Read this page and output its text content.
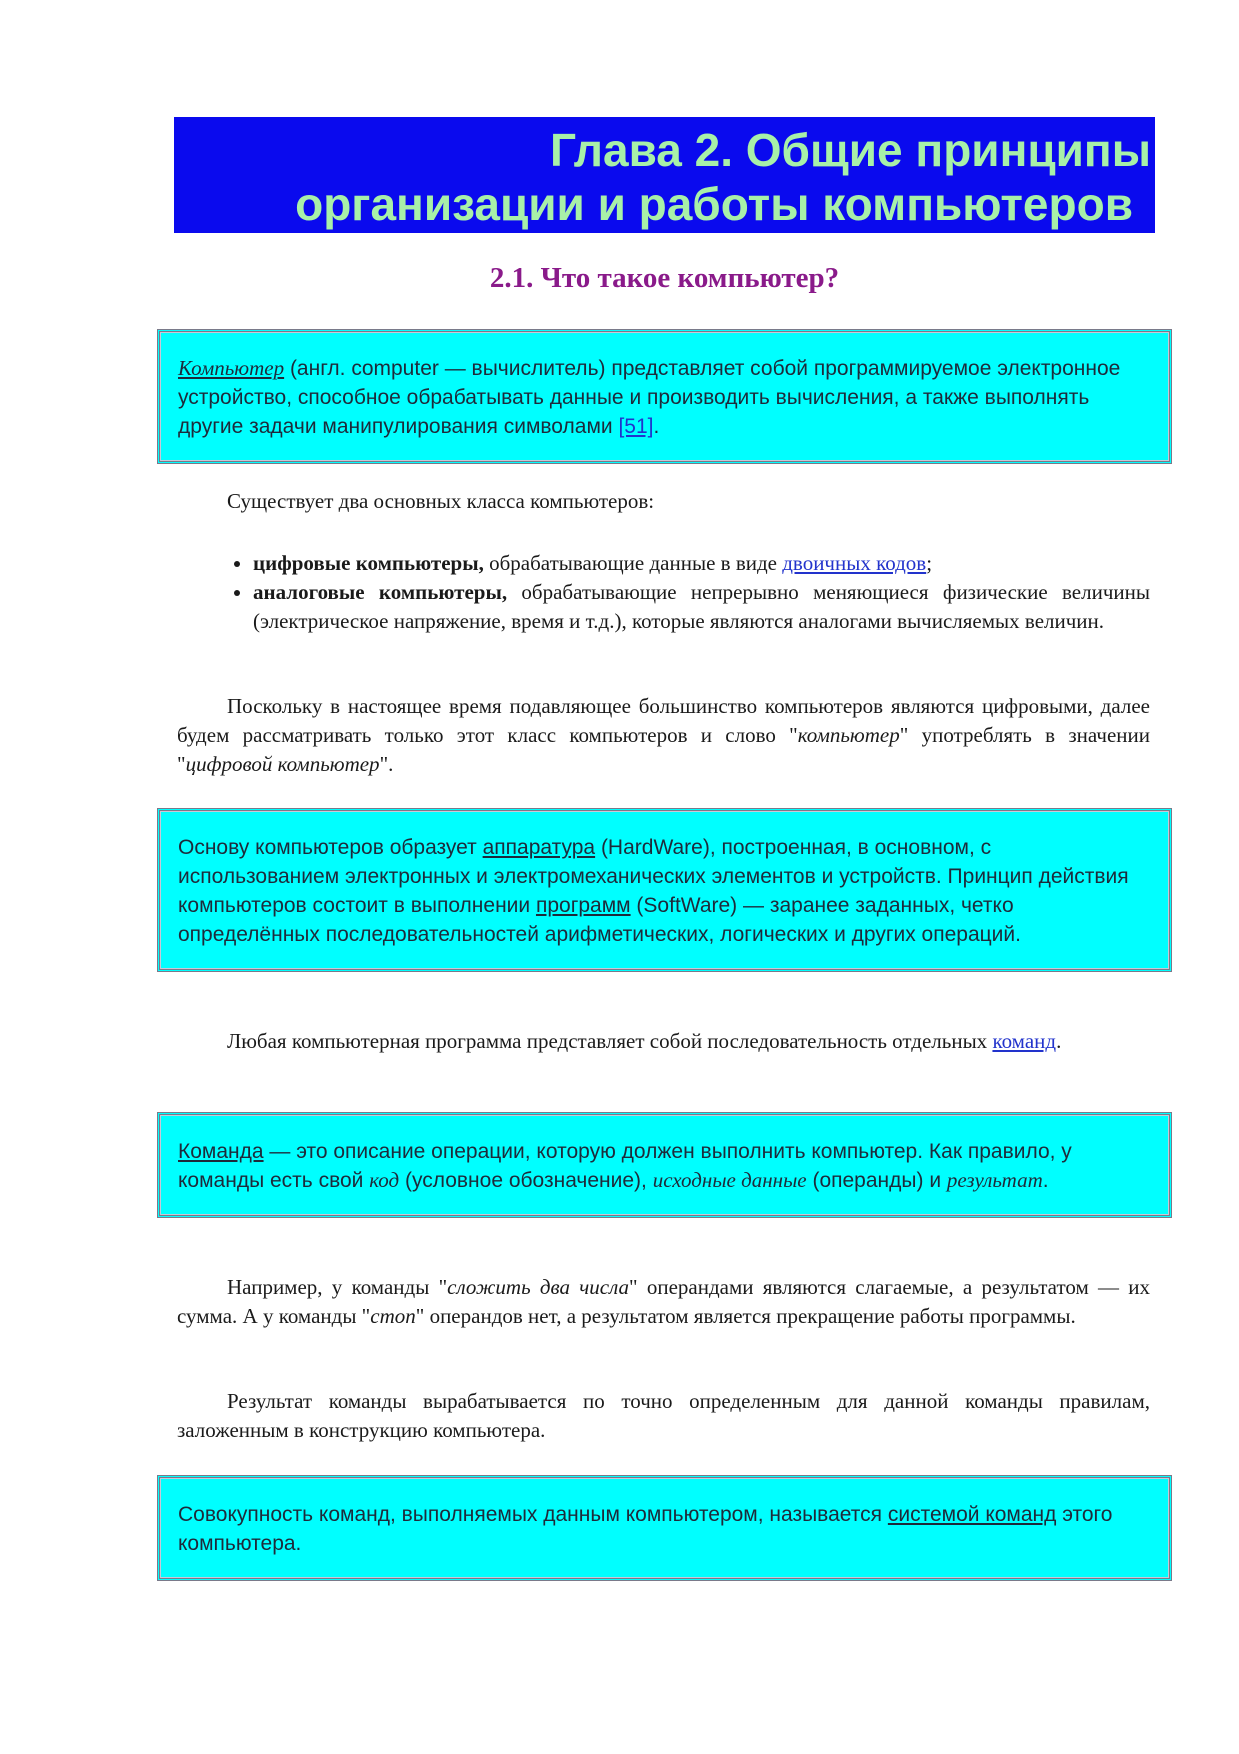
Глава 2. Общие принципы
организации и работы компьютеров
2.1. Что такое компьютер?
Компьютер (англ. computer — вычислитель) представляет собой программируемое электронное устройство, способное обрабатывать данные и производить вычисления, а также выполнять другие задачи манипулирования символами [51].
Существует два основных класса компьютеров:
• цифровые компьютеры, обрабатывающие данные в виде двоичных кодов;
• аналоговые компьютеры, обрабатывающие непрерывно меняющиеся физические величины (электрическое напряжение, время и т.д.), которые являются аналогами вычисляемых величин.
Поскольку в настоящее время подавляющее большинство компьютеров являются цифровыми, далее будем рассматривать только этот класс компьютеров и слово "компьютер" употреблять в значении "цифровой компьютер".
Основу компьютеров образует аппаратура (HardWare), построенная, в основном, с использованием электронных и электромеханических элементов и устройств. Принцип действия компьютеров состоит в выполнении программ (SoftWare) — заранее заданных, четко определённых последовательностей арифметических, логических и других операций.
Любая компьютерная программа представляет собой последовательность отдельных команд.
Команда — это описание операции, которую должен выполнить компьютер. Как правило, у команды есть свой код (условное обозначение), исходные данные (операнды) и результат.
Например, у команды "сложить два числа" операндами являются слагаемые, а результатом — их сумма. А у команды "стоп" операндов нет, а результатом является прекращение работы программы.
Результат команды вырабатывается по точно определенным для данной команды правилам, заложенным в конструкцию компьютера.
Совокупность команд, выполняемых данным компьютером, называется системой команд этого компьютера.
